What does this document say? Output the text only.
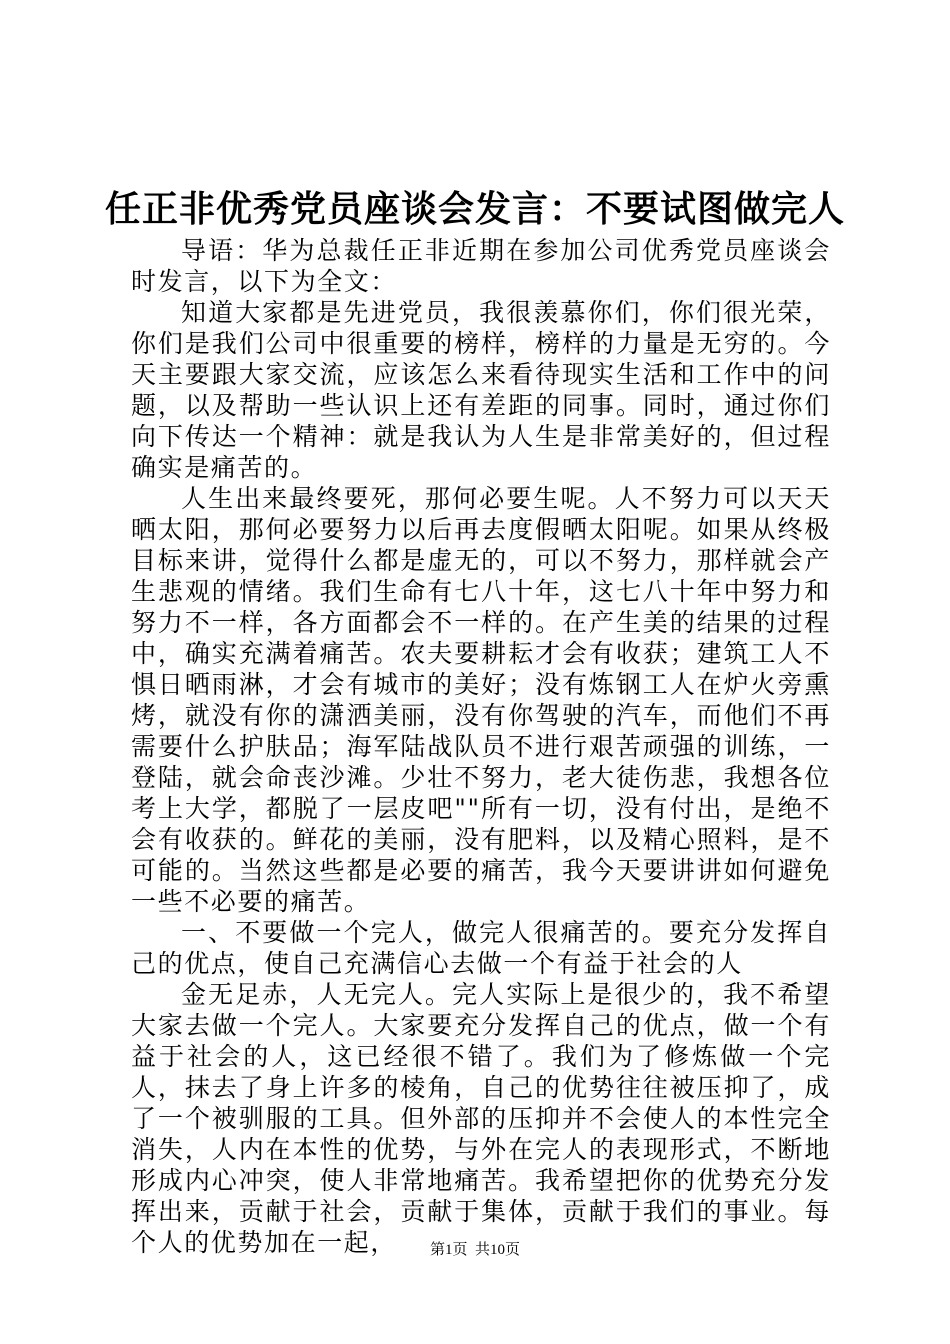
任正非优秀党员座谈会发言：不要试图做完人

导语：华为总裁任正非近期在参加公司优秀党员座谈会时发言，以下为全文：

知道大家都是先进党员，我很羡慕你们，你们很光荣，你们是我们公司中很重要的榜样，榜样的力量是无穷的。今天主要跟大家交流，应该怎么来看待现实生活和工作中的问题，以及帮助一些认识上还有差距的同事。同时，通过你们向下传达一个精神：就是我认为人生是非常美好的，但过程确实是痛苦的。

人生出来最终要死，那何必要生呢。人不努力可以天天晒太阳，那何必要努力以后再去度假晒太阳呢。如果从终极目标来讲，觉得什么都是虚无的，可以不努力，那样就会产生悲观的情绪。我们生命有七八十年，这七八十年中努力和努力不一样，各方面都会不一样的。在产生美的结果的过程中，确实充满着痛苦。农夫要耕耘才会有收获；建筑工人不惧日晒雨淋，才会有城市的美好；没有炼钢工人在炉火旁熏烤，就没有你的潇洒美丽，没有你驾驶的汽车，而他们不再需要什么护肤品；海军陆战队员不进行艰苦顽强的训练，一登陆，就会命丧沙滩。少壮不努力，老大徒伤悲，我想各位考上大学，都脱了一层皮吧""所有一切，没有付出，是绝不会有收获的。鲜花的美丽，没有肥料，以及精心照料，是不可能的。当然这些都是必要的痛苦，我今天要讲讲如何避免一些不必要的痛苦。

一、不要做一个完人，做完人很痛苦的。要充分发挥自己的优点，使自己充满信心去做一个有益于社会的人

金无足赤，人无完人。完人实际上是很少的，我不希望大家去做一个完人。大家要充分发挥自己的优点，做一个有益于社会的人，这已经很不错了。我们为了修炼做一个完人，抹去了身上许多的棱角，自己的优势往往被压抑了，成了一个被驯服的工具。但外部的压抑并不会使人的本性完全消失，人内在本性的优势，与外在完人的表现形式，不断地形成内心冲突，使人非常地痛苦。我希望把你的优势充分发挥出来，贡献于社会，贡献于集体，贡献于我们的事业。每个人的优势加在一起，	第1页  共10页
